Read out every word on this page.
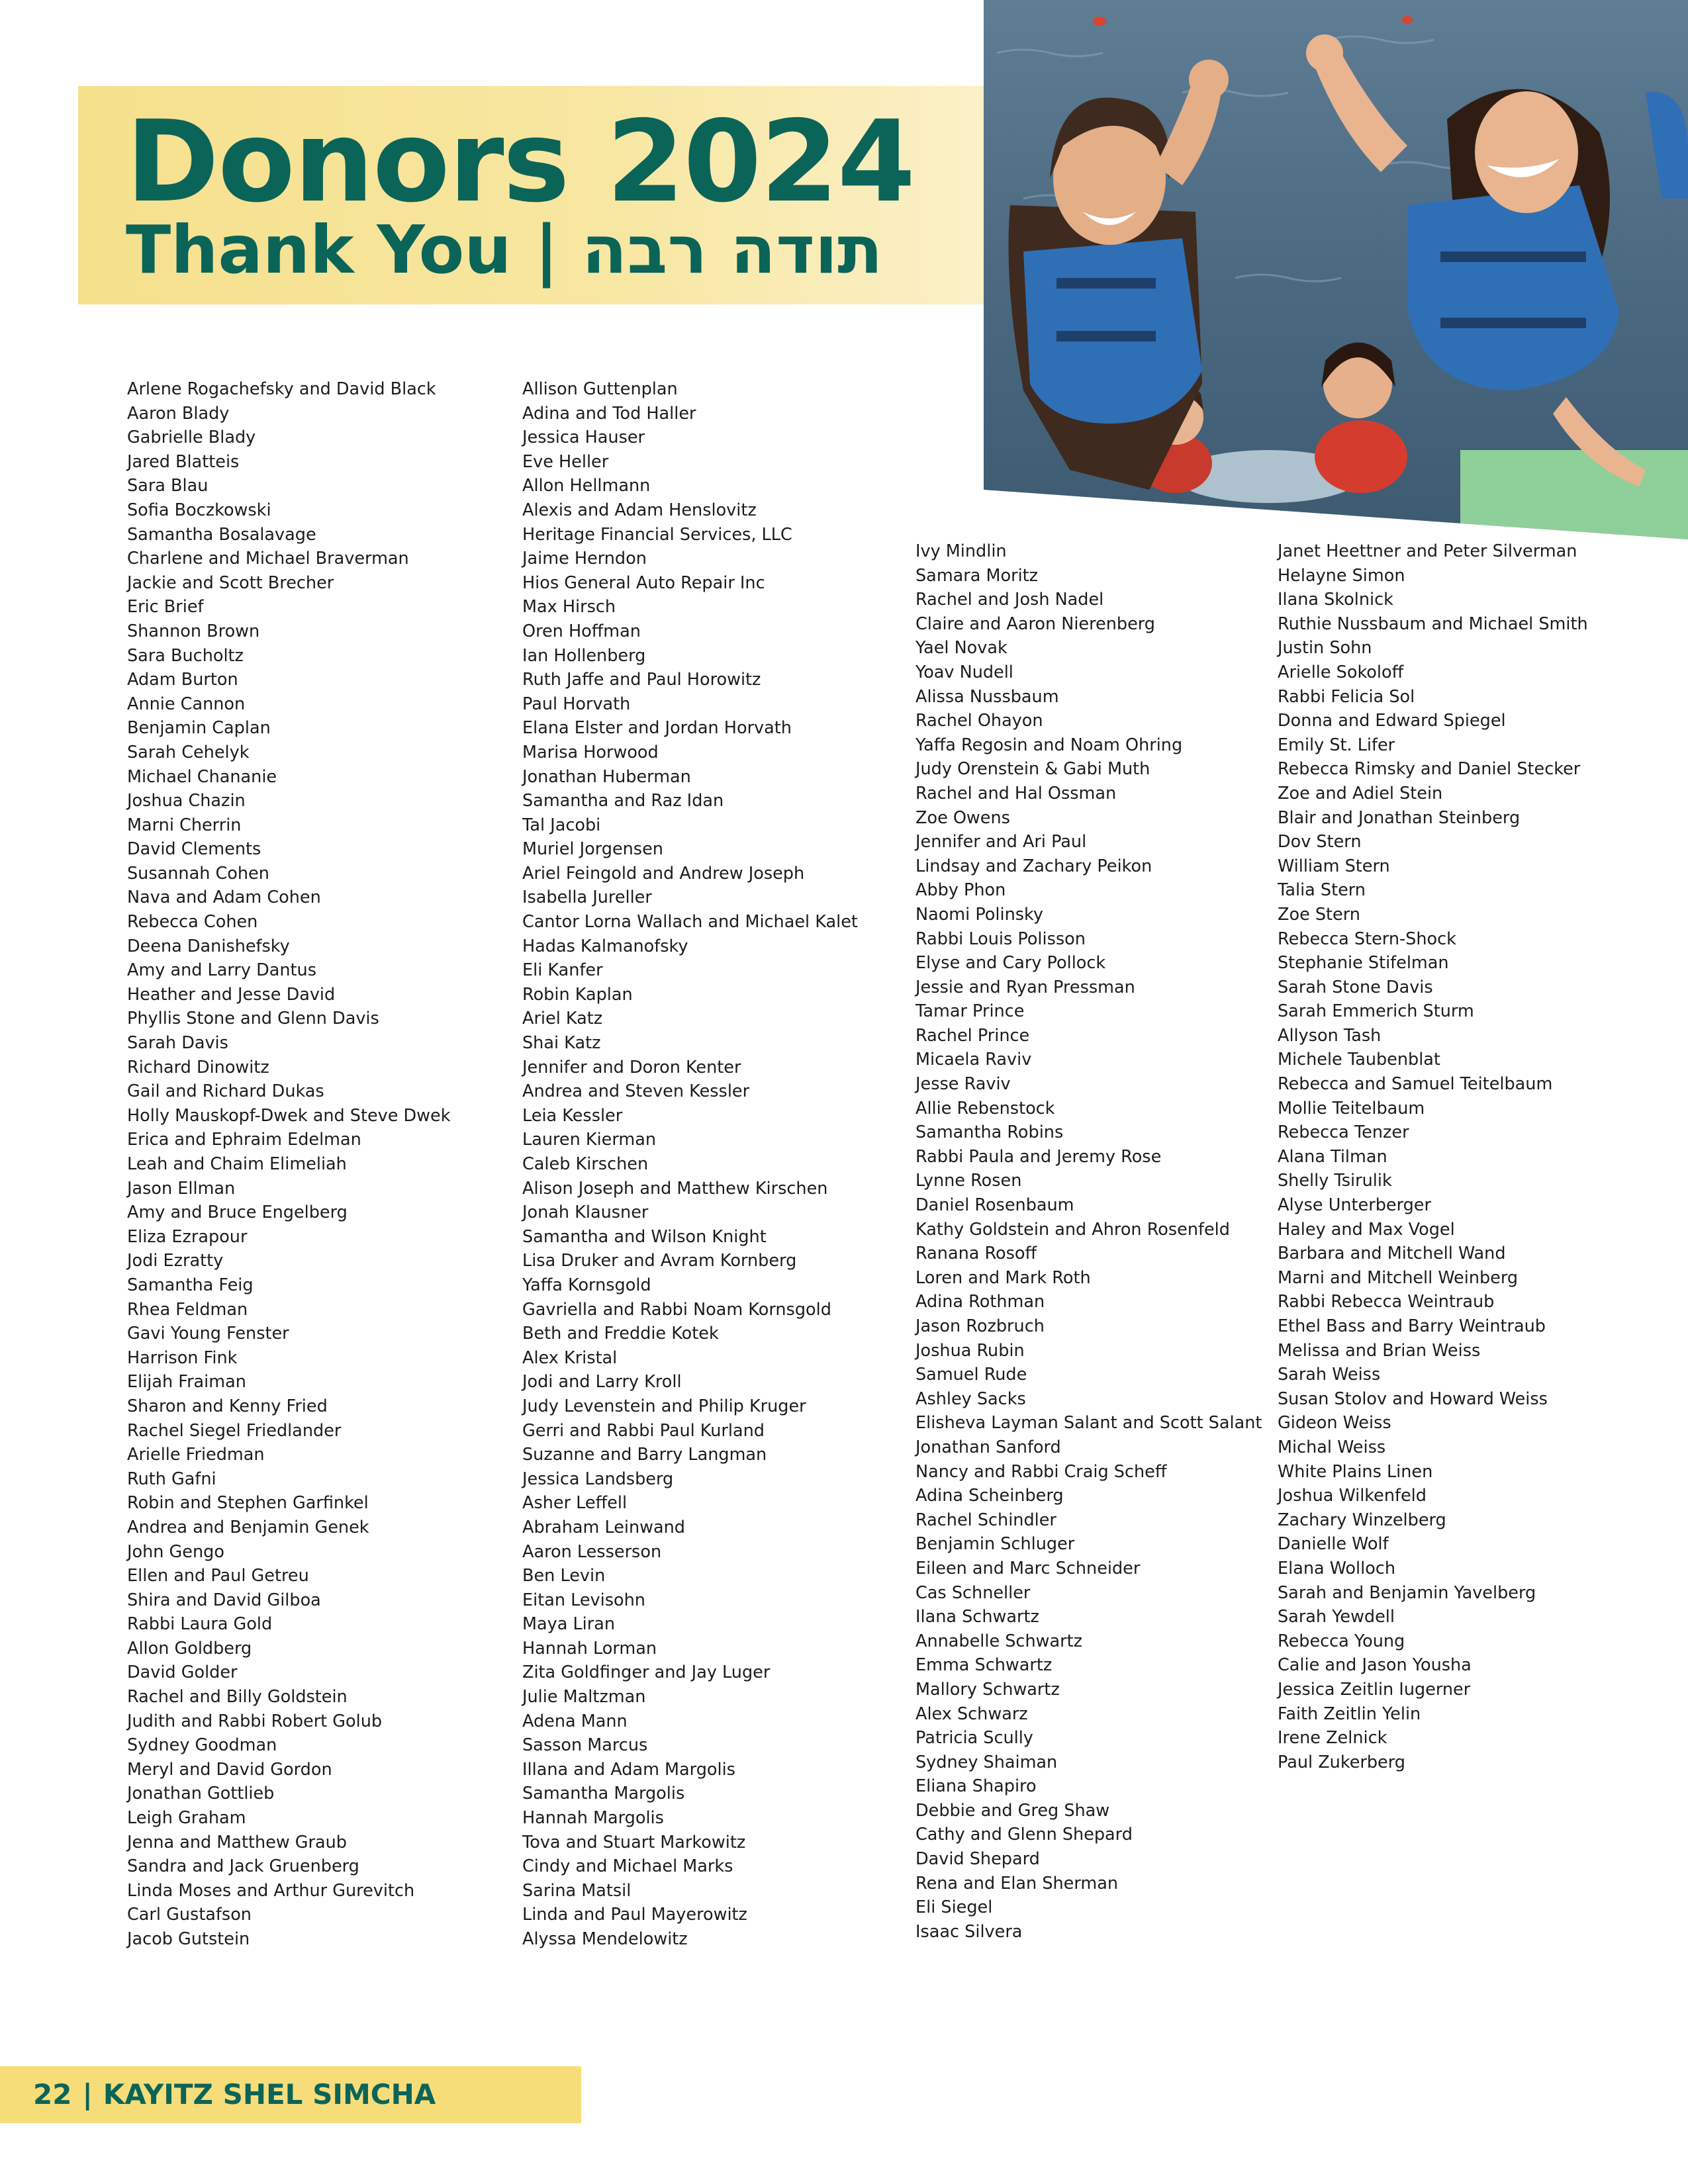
Donors 2024
Thank You | תודה רבה
Arlene Rogachefsky and David Black
Aaron Blady
Gabrielle Blady
Jared Blatteis
Sara Blau
Sofia Boczkowski
Samantha Bosalavage
Charlene and Michael Braverman
Jackie and Scott Brecher
Eric Brief
Shannon Brown
Sara Bucholtz
Adam Burton
Annie Cannon
Benjamin Caplan
Sarah Cehelyk
Michael Chananie
Joshua Chazin
Marni Cherrin
David Clements
Susannah Cohen
Nava and Adam Cohen
Rebecca Cohen
Deena Danishefsky
Amy and Larry Dantus
Heather and Jesse David
Phyllis Stone and Glenn Davis
Sarah Davis
Richard Dinowitz
Gail and Richard Dukas
Holly Mauskopf-Dwek and Steve Dwek
Erica and Ephraim Edelman
Leah and Chaim Elimeliah
Jason Ellman
Amy and Bruce Engelberg
Eliza Ezrapour
Jodi Ezratty
Samantha Feig
Rhea Feldman
Gavi Young Fenster
Harrison Fink
Elijah Fraiman
Sharon and Kenny Fried
Rachel Siegel Friedlander
Arielle Friedman
Ruth Gafni
Robin and Stephen Garfinkel
Andrea and Benjamin Genek
John Gengo
Ellen and Paul Getreu
Shira and David Gilboa
Rabbi Laura Gold
Allon Goldberg
David Golder
Rachel and Billy Goldstein
Judith and Rabbi Robert Golub
Sydney Goodman
Meryl and David Gordon
Jonathan Gottlieb
Leigh Graham
Jenna and Matthew Graub
Sandra and Jack Gruenberg
Linda Moses and Arthur Gurevitch
Carl Gustafson
Jacob Gutstein
Allison Guttenplan
Adina and Tod Haller
Jessica Hauser
Eve Heller
Allon Hellmann
Alexis and Adam Henslovitz
Heritage Financial Services, LLC
Jaime Herndon
Hios General Auto Repair Inc
Max Hirsch
Oren Hoffman
Ian Hollenberg
Ruth Jaffe and Paul Horowitz
Paul Horvath
Elana Elster and Jordan Horvath
Marisa Horwood
Jonathan Huberman
Samantha and Raz Idan
Tal Jacobi
Muriel Jorgensen
Ariel Feingold and Andrew Joseph
Isabella Jureller
Cantor Lorna Wallach and Michael Kalet
Hadas Kalmanofsky
Eli Kanfer
Robin Kaplan
Ariel Katz
Shai Katz
Jennifer and Doron Kenter
Andrea and Steven Kessler
Leia Kessler
Lauren Kierman
Caleb Kirschen
Alison Joseph and Matthew Kirschen
Jonah Klausner
Samantha and Wilson Knight
Lisa Druker and Avram Kornberg
Yaffa Kornsgold
Gavriella and Rabbi Noam Kornsgold
Beth and Freddie Kotek
Alex Kristal
Jodi and Larry Kroll
Judy Levenstein and Philip Kruger
Gerri and Rabbi Paul Kurland
Suzanne and Barry Langman
Jessica Landsberg
Asher Leffell
Abraham Leinwand
Aaron Lesserson
Ben Levin
Eitan Levisohn
Maya Liran
Hannah Lorman
Zita Goldfinger and Jay Luger
Julie Maltzman
Adena Mann
Sasson Marcus
Illana and Adam Margolis
Samantha Margolis
Hannah Margolis
Tova and Stuart Markowitz
Cindy and Michael Marks
Sarina Matsil
Linda and Paul Mayerowitz
Alyssa Mendelowitz
Ivy Mindlin
Samara Moritz
Rachel and Josh Nadel
Claire and Aaron Nierenberg
Yael Novak
Yoav Nudell
Alissa Nussbaum
Rachel Ohayon
Yaffa Regosin and Noam Ohring
Judy Orenstein & Gabi Muth
Rachel and Hal Ossman
Zoe Owens
Jennifer and Ari Paul
Lindsay and Zachary Peikon
Abby Phon
Naomi Polinsky
Rabbi Louis Polisson
Elyse and Cary Pollock
Jessie and Ryan Pressman
Tamar Prince
Rachel Prince
Micaela Raviv
Jesse Raviv
Allie Rebenstock
Samantha Robins
Rabbi Paula and Jeremy Rose
Lynne Rosen
Daniel Rosenbaum
Kathy Goldstein and Ahron Rosenfeld
Ranana Rosoff
Loren and Mark Roth
Adina Rothman
Jason Rozbruch
Joshua Rubin
Samuel Rude
Ashley Sacks
Elisheva Layman Salant and Scott Salant
Jonathan Sanford
Nancy and Rabbi Craig Scheff
Adina Scheinberg
Rachel Schindler
Benjamin Schluger
Eileen and Marc Schneider
Cas Schneller
Ilana Schwartz
Annabelle Schwartz
Emma Schwartz
Mallory Schwartz
Alex Schwarz
Patricia Scully
Sydney Shaiman
Eliana Shapiro
Debbie and Greg Shaw
Cathy and Glenn Shepard
David Shepard
Rena and Elan Sherman
Eli Siegel
Isaac Silvera
Janet Heettner and Peter Silverman
Helayne Simon
Ilana Skolnick
Ruthie Nussbaum and Michael Smith
Justin Sohn
Arielle Sokoloff
Rabbi Felicia Sol
Donna and Edward Spiegel
Emily St. Lifer
Rebecca Rimsky and Daniel Stecker
Zoe and Adiel Stein
Blair and Jonathan Steinberg
Dov Stern
William Stern
Talia Stern
Zoe Stern
Rebecca Stern-Shock
Stephanie Stifelman
Sarah Stone Davis
Sarah Emmerich Sturm
Allyson Tash
Michele Taubenblat
Rebecca and Samuel Teitelbaum
Mollie Teitelbaum
Rebecca Tenzer
Alana Tilman
Shelly Tsirulik
Alyse Unterberger
Haley and Max Vogel
Barbara and Mitchell Wand
Marni and Mitchell Weinberg
Rabbi Rebecca Weintraub
Ethel Bass and Barry Weintraub
Melissa and Brian Weiss
Sarah Weiss
Susan Stolov and Howard Weiss
Gideon Weiss
Michal Weiss
White Plains Linen
Joshua Wilkenfeld
Zachary Winzelberg
Danielle Wolf
Elana Wolloch
Sarah and Benjamin Yavelberg
Sarah Yewdell
Rebecca Young
Calie and Jason Yousha
Jessica Zeitlin Iugerner
Faith Zeitlin Yelin
Irene Zelnick
Paul Zukerberg
22 | KAYITZ SHEL SIMCHA
